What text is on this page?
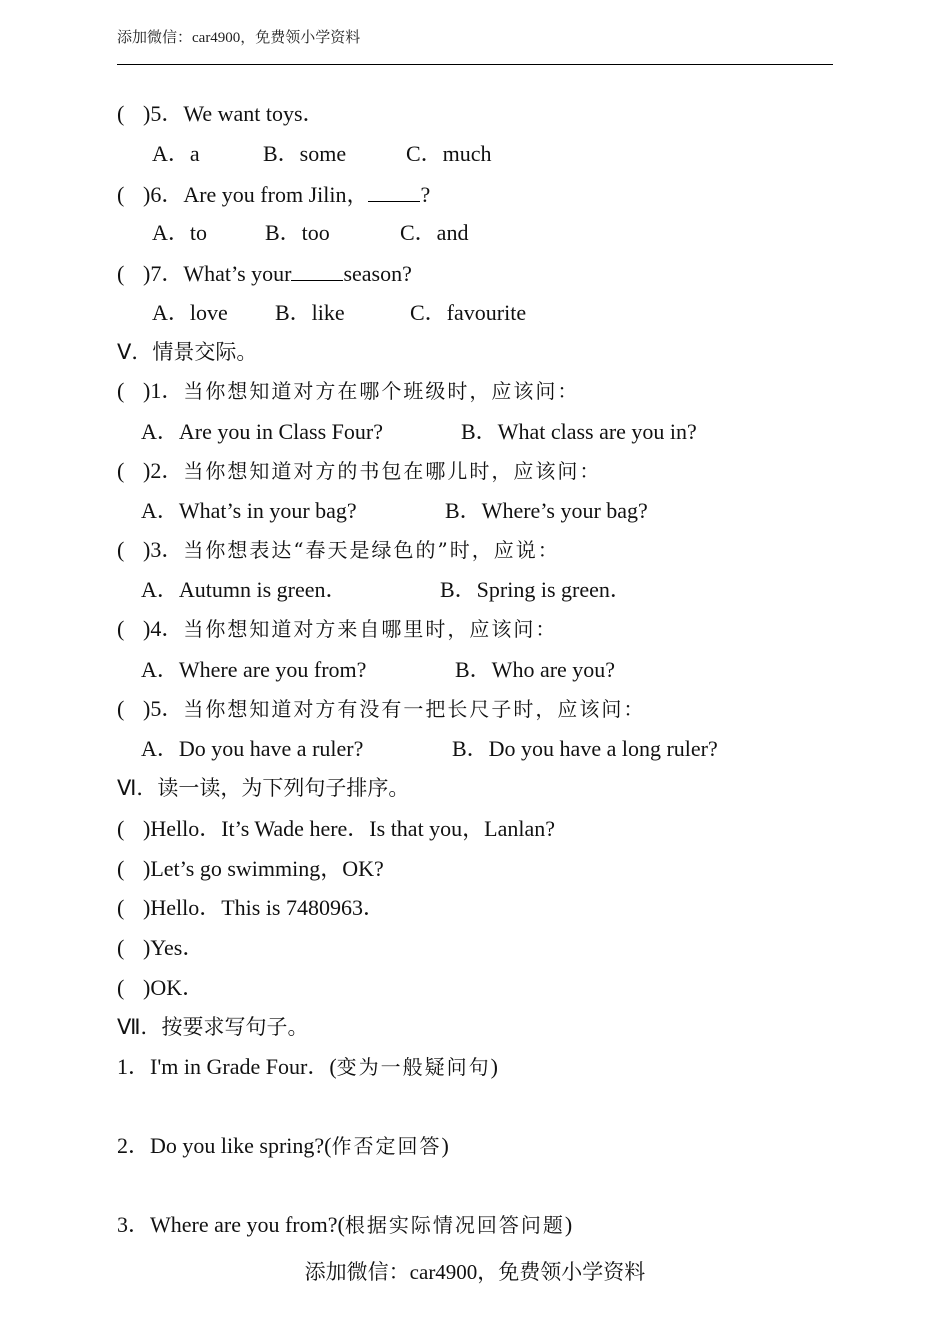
添加微信：car4900，免费领小学资料
( )5．We want toys．
A．a	B．some	C．much
( )6．Are you from Jilin， ?
A．to	B．too	C．and
( )7．What’s your season?
A．love B．like	C．favourite
V．情景交际。
( )1．当你想知道对方在哪个班级时，应该问：
A．Are you in Class Four?	B．What class are you in?
( )2．当你想知道对方的书包在哪儿时，应该问：
A．What’s in your bag?	B．Where’s your bag?
( )3．当你想表达“春天是绿色的”时，应说：
A．Autumn is green．	B．Spring is green．
( )4．当你想知道对方来自哪里时，应该问：
A．Where are you from?	B．Who are you?
( )5．当你想知道对方有没有一把长尺子时，应该问：
A．Do you have a ruler?	B．Do you have a long ruler?
Ⅵ．读一读，为下列句子排序。
( )Hello．It’s Wade here．Is that you，Lanlan?
( )Let’s go swimming，OK?
( )Hello．This is 7480963．
( )Yes．
( )OK．
Ⅶ．按要求写句子。
1．I'm in Grade Four．(变为一般疑问句)
2．Do you like spring?(作否定回答)
3．Where are you from?(根据实际情况回答问题)
添加微信：car4900，免费领小学资料
